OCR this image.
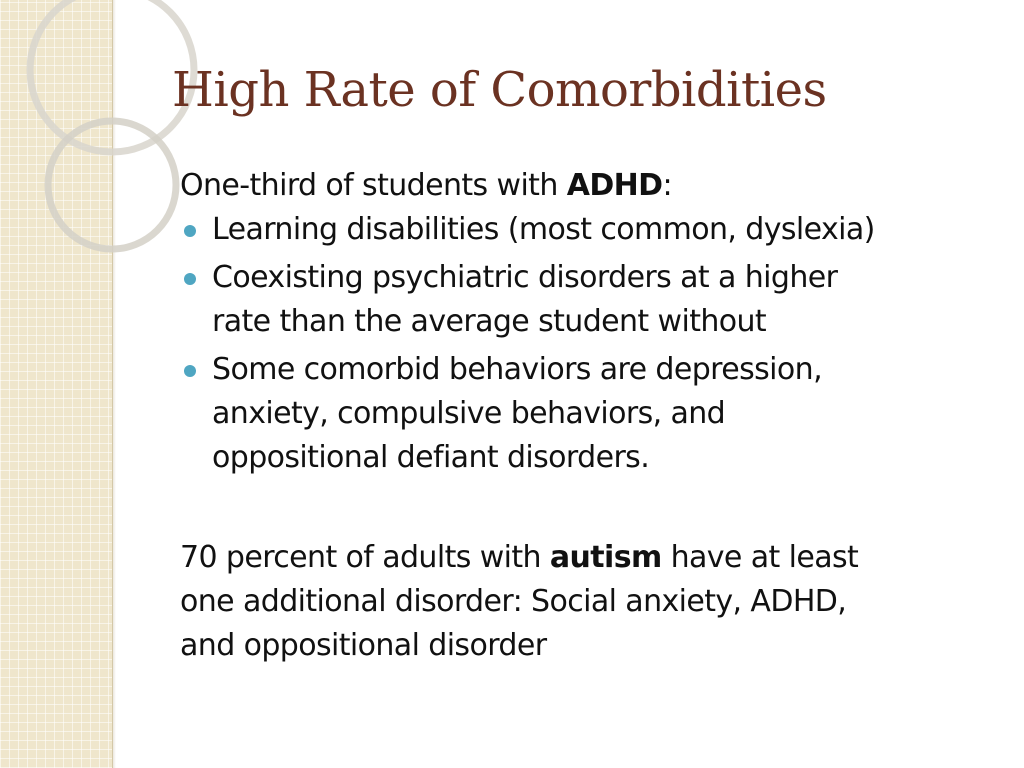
High Rate of Comorbidities

One-third of students with ADHD:

Learning disabilities (most common, dyslexia)
Coexisting psychiatric disorders at a higher
rate than the average student without
Some comorbid behaviors are depression,
anxiety, compulsive behaviors, and
oppositional defiant disorders.

70 percent of adults with autism have at least
one additional disorder: Social anxiety, ADHD,
and oppositional disorder
